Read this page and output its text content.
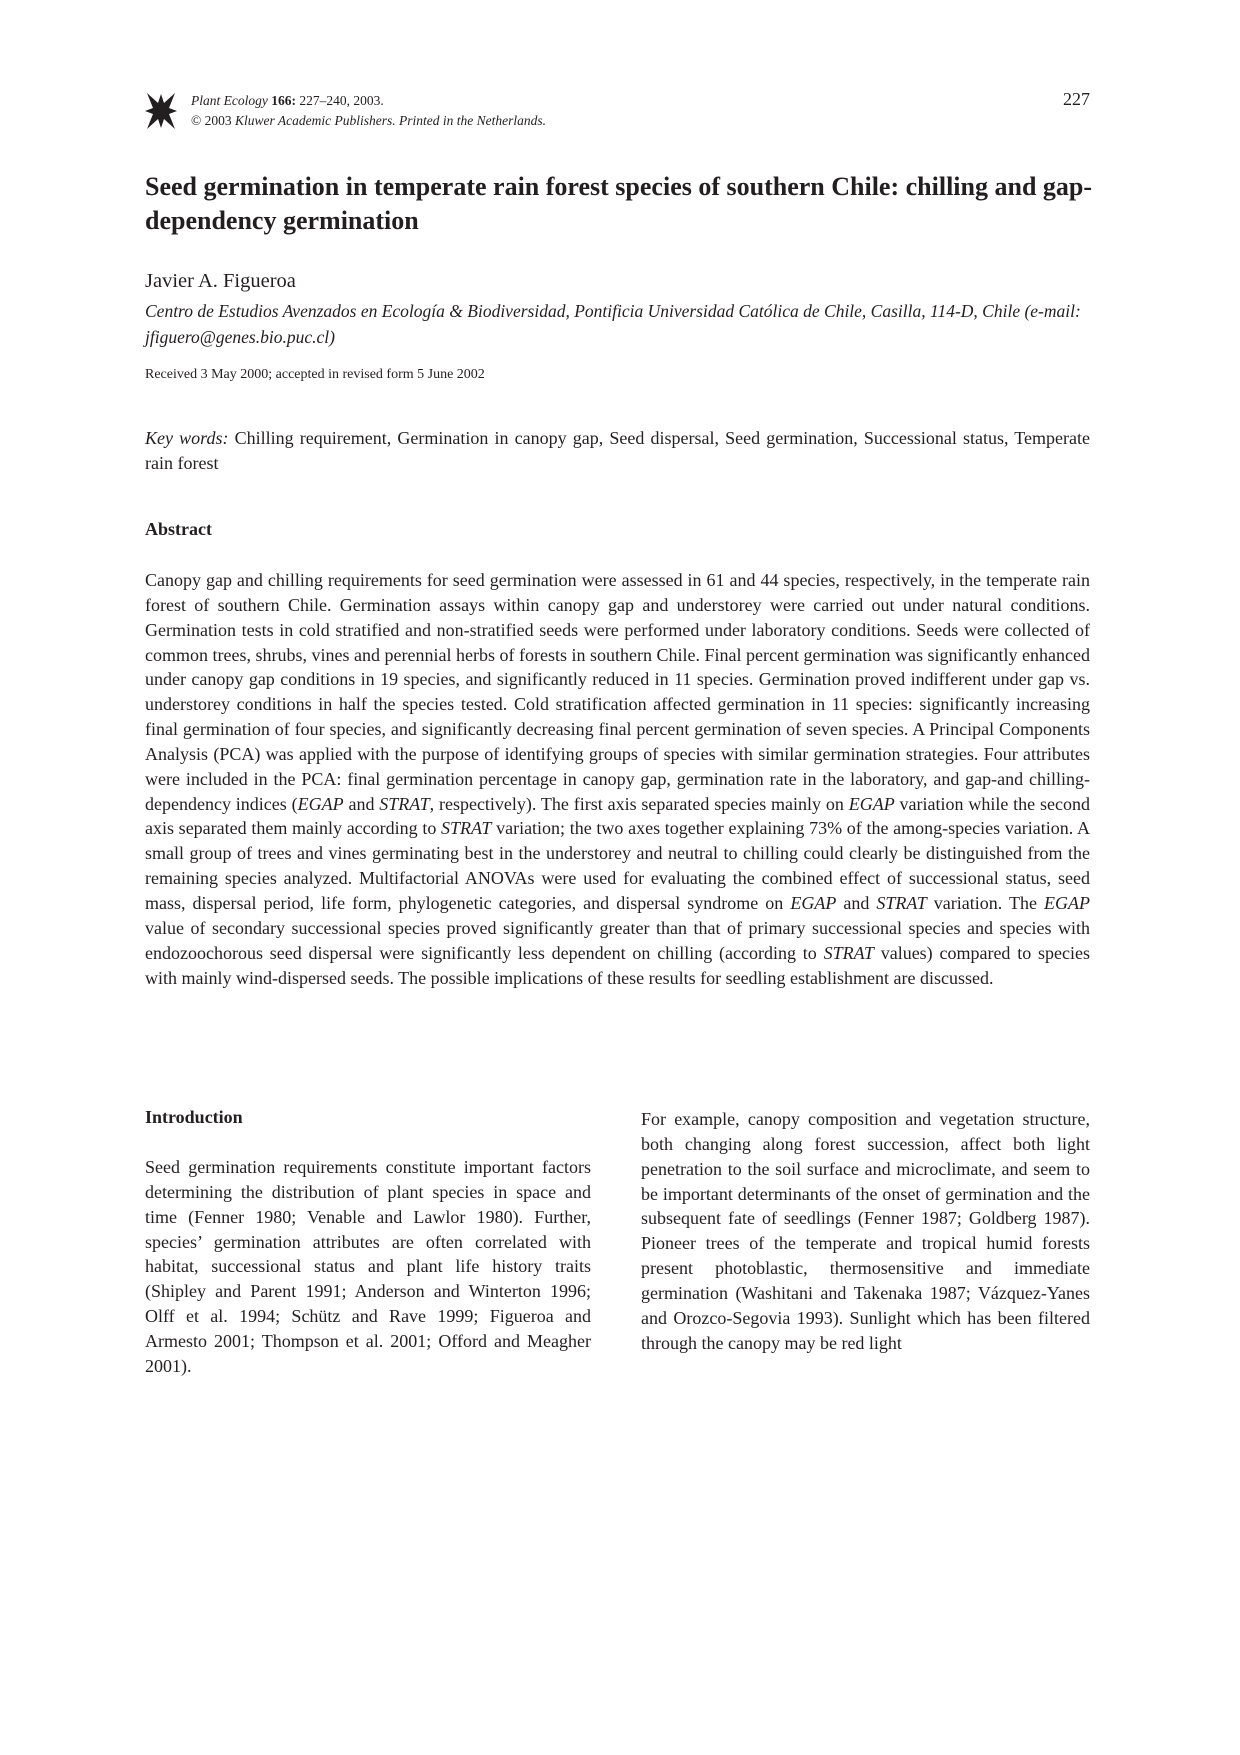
Plant Ecology 166: 227–240, 2003.
© 2003 Kluwer Academic Publishers. Printed in the Netherlands.
227
Seed germination in temperate rain forest species of southern Chile: chilling and gap-dependency germination

Javier A. Figueroa

Centro de Estudios Avenzados en Ecología & Biodiversidad, Pontificia Universidad Católica de Chile, Casilla, 114-D, Chile (e-mail: jfiguero@genes.bio.puc.cl)

Received 3 May 2000; accepted in revised form 5 June 2002

Key words: Chilling requirement, Germination in canopy gap, Seed dispersal, Seed germination, Successional status, Temperate rain forest

Abstract

Canopy gap and chilling requirements for seed germination were assessed in 61 and 44 species, respectively, in the temperate rain forest of southern Chile. Germination assays within canopy gap and understorey were carried out under natural conditions. Germination tests in cold stratified and non-stratified seeds were performed under laboratory conditions. Seeds were collected of common trees, shrubs, vines and perennial herbs of forests in southern Chile. Final percent germination was significantly enhanced under canopy gap conditions in 19 species, and significantly reduced in 11 species. Germination proved indifferent under gap vs. understorey conditions in half the species tested. Cold stratification affected germination in 11 species: significantly increasing final germination of four species, and significantly decreasing final percent germination of seven species. A Principal Components Analysis (PCA) was applied with the purpose of identifying groups of species with similar germination strategies. Four attributes were included in the PCA: final germination percentage in canopy gap, germination rate in the laboratory, and gap-and chilling-dependency indices (EGAP and STRAT, respectively). The first axis separated species mainly on EGAP variation while the second axis separated them mainly according to STRAT variation; the two axes together explaining 73% of the among-species variation. A small group of trees and vines germinating best in the understorey and neutral to chilling could clearly be distinguished from the remaining species analyzed. Multifactorial ANOVAs were used for evaluating the combined effect of successional status, seed mass, dispersal period, life form, phylogenetic categories, and dispersal syndrome on EGAP and STRAT variation. The EGAP value of secondary successional species proved significantly greater than that of primary successional species and species with endozoochorous seed dispersal were significantly less dependent on chilling (according to STRAT values) compared to species with mainly wind-dispersed seeds. The possible implications of these results for seedling establishment are discussed.

Introduction

Seed germination requirements constitute important factors determining the distribution of plant species in space and time (Fenner 1980; Venable and Lawlor 1980). Further, species’ germination attributes are often correlated with habitat, successional status and plant life history traits (Shipley and Parent 1991; Anderson and Winterton 1996; Olff et al. 1994; Schütz and Rave 1999; Figueroa and Armesto 2001; Thompson et al. 2001; Offord and Meagher 2001).

For example, canopy composition and vegetation structure, both changing along forest succession, affect both light penetration to the soil surface and microclimate, and seem to be important determinants of the onset of germination and the subsequent fate of seedlings (Fenner 1987; Goldberg 1987). Pioneer trees of the temperate and tropical humid forests present photoblastic, thermosensitive and immediate germination (Washitani and Takenaka 1987; Vázquez-Yanes and Orozco-Segovia 1993). Sunlight which has been filtered through the canopy may be red light
